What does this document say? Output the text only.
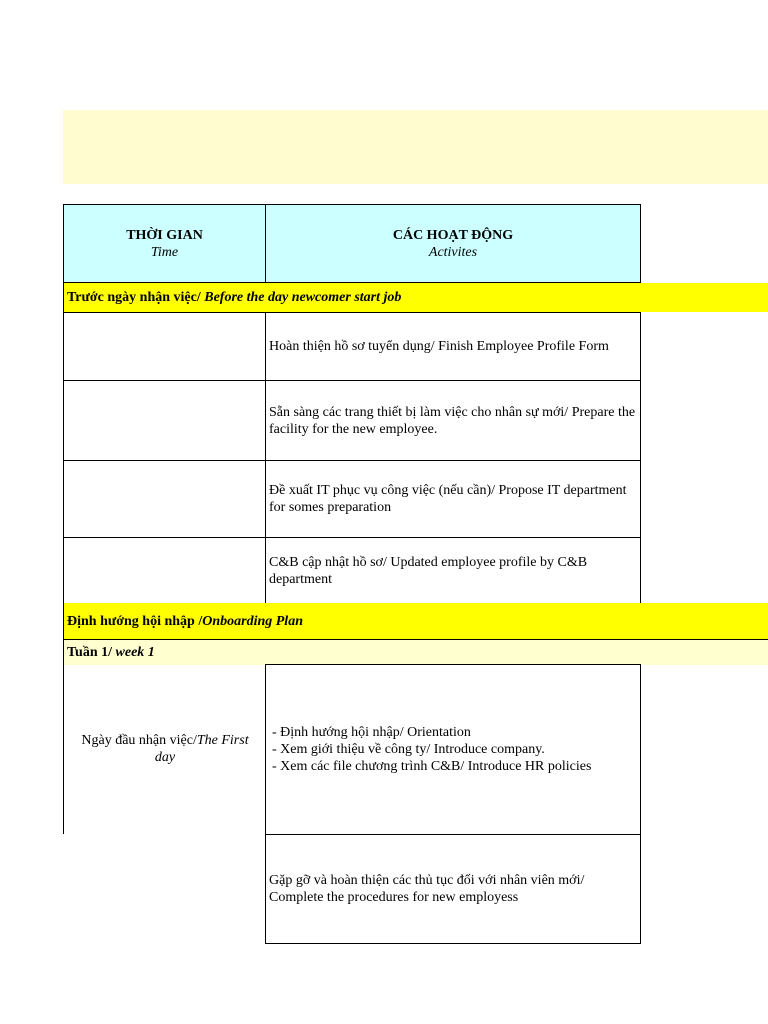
THỜI GIAN
Time
CÁC HOẠT ĐỘNG
Activites
Trước ngày nhận việc/
Before the day newcomer start job
Hoàn thiện hồ sơ tuyển dụng/ Finish Employee Profile Form
Sẵn sàng các trang thiết bị làm việc cho nhân sự mới/ Prepare the facility for the new employee.
Đề xuất IT phục vụ công việc (nếu cần)/ Propose IT department for somes preparation
C&B cập nhật hồ sơ/ Updated employee profile by C&B department
Định hướng hội nhập / Onboarding Plan
Tuần 1/
week 1
Ngày đầu nhận việc/The First day
- Định hướng hội nhập/ Orientation
- Xem giới thiệu về công ty/ Introduce company.
- Xem các file chương trình C&B/ Introduce HR policies
Gặp gỡ và hoàn thiện các thủ tục đối với nhân viên mới/ Complete the procedures for new employess
